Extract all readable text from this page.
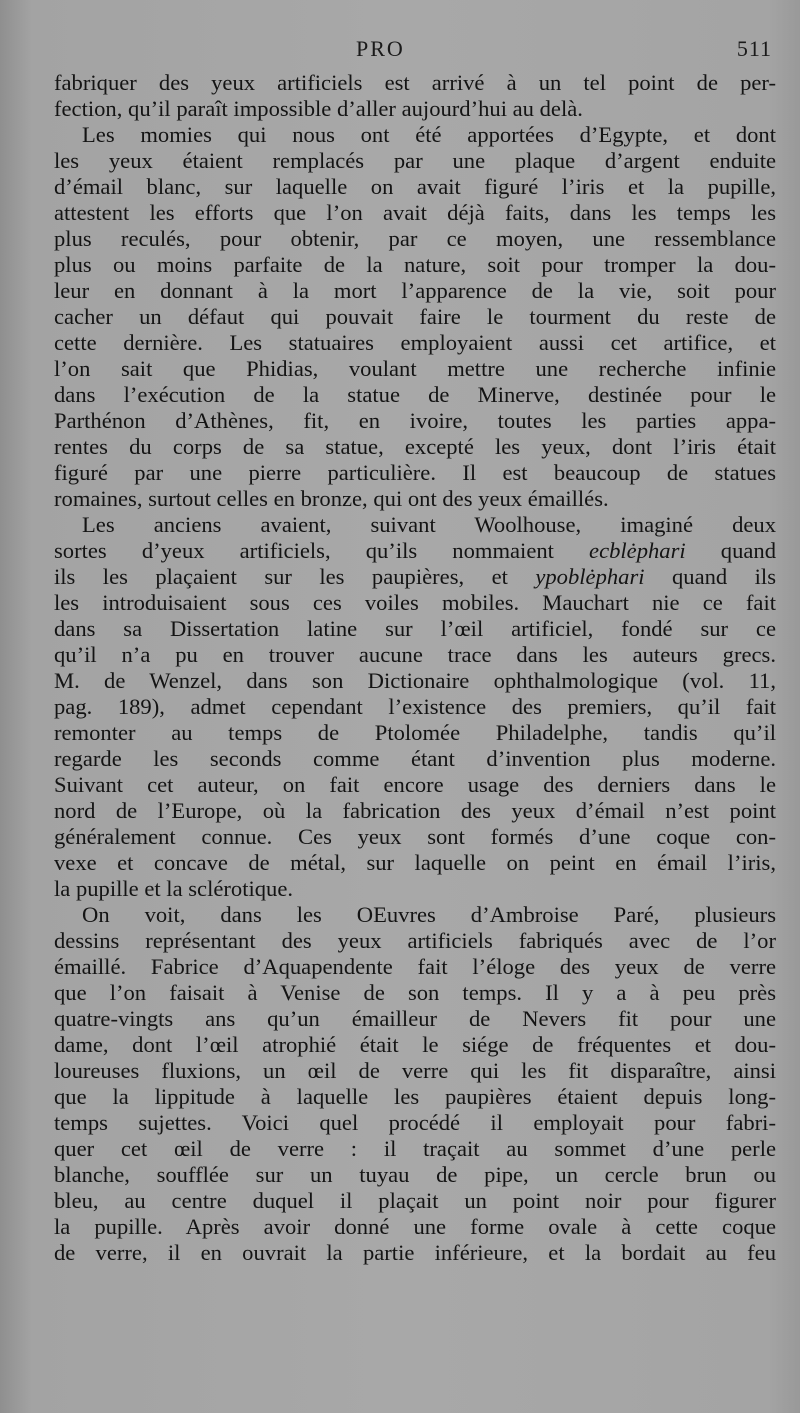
PRO	511
fabriquer des yeux artificiels est arrivé à un tel point de per-
fection, qu’il paraît impossible d’aller aujourd’hui au delà.
Les momies qui nous ont été apportées d’Egypte, et dont
les yeux étaient remplacés par une plaque d’argent enduite
d’émail blanc, sur laquelle on avait figuré l’iris et la pupille,
attestent les efforts que l’on avait déjà faits, dans les temps les
plus reculés, pour obtenir, par ce moyen, une ressemblance
plus ou moins parfaite de la nature, soit pour tromper la dou-
leur en donnant à la mort l’apparence de la vie, soit pour
cacher un défaut qui pouvait faire le tourment du reste de
cette dernière. Les statuaires employaient aussi cet artifice, et
l’on sait que Phidias, voulant mettre une recherche infinie
dans l’exécution de la statue de Minerve, destinée pour le
Parthénon d’Athènes, fit, en ivoire, toutes les parties appa-
rentes du corps de sa statue, excepté les yeux, dont l’iris était
figuré par une pierre particulière. Il est beaucoup de statues
romaines, surtout celles en bronze, qui ont des yeux émaillés.
Les anciens avaient, suivant Woolhouse, imaginé deux
sortes d’yeux artificiels, qu’ils nommaient ecblėphari quand
ils les plaçaient sur les paupières, et ypoblėphari quand ils
les introduisaient sous ces voiles mobiles. Mauchart nie ce fait
dans sa Dissertation latine sur l’œil artificiel, fondé sur ce
qu’il n’a pu en trouver aucune trace dans les auteurs grecs.
M. de Wenzel, dans son Dictionaire ophthalmologique (vol. 11,
pag. 189), admet cependant l’existence des premiers, qu’il fait
remonter au temps de Ptolomée Philadelphe, tandis qu’il
regarde les seconds comme étant d’invention plus moderne.
Suivant cet auteur, on fait encore usage des derniers dans le
nord de l’Europe, où la fabrication des yeux d’émail n’est point
généralement connue. Ces yeux sont formés d’une coque con-
vexe et concave de métal, sur laquelle on peint en émail l’iris,
la pupille et la sclérotique.
On voit, dans les OEuvres d’Ambroise Paré, plusieurs
dessins représentant des yeux artificiels fabriqués avec de l’or
émaillé. Fabrice d’Aquapendente fait l’éloge des yeux de verre
que l’on faisait à Venise de son temps. Il y a à peu près
quatre-vingts ans qu’un émailleur de Nevers fit pour une
dame, dont l’œil atrophié était le siége de fréquentes et dou-
loureuses fluxions, un œil de verre qui les fit disparaître, ainsi
que la lippitude à laquelle les paupières étaient depuis long-
temps sujettes. Voici quel procédé il employait pour fabri-
quer cet œil de verre : il traçait au sommet d’une perle
blanche, soufflée sur un tuyau de pipe, un cercle brun ou
bleu, au centre duquel il plaçait un point noir pour figurer
la pupille. Après avoir donné une forme ovale à cette coque
de verre, il en ouvrait la partie inférieure, et la bordait au feu
